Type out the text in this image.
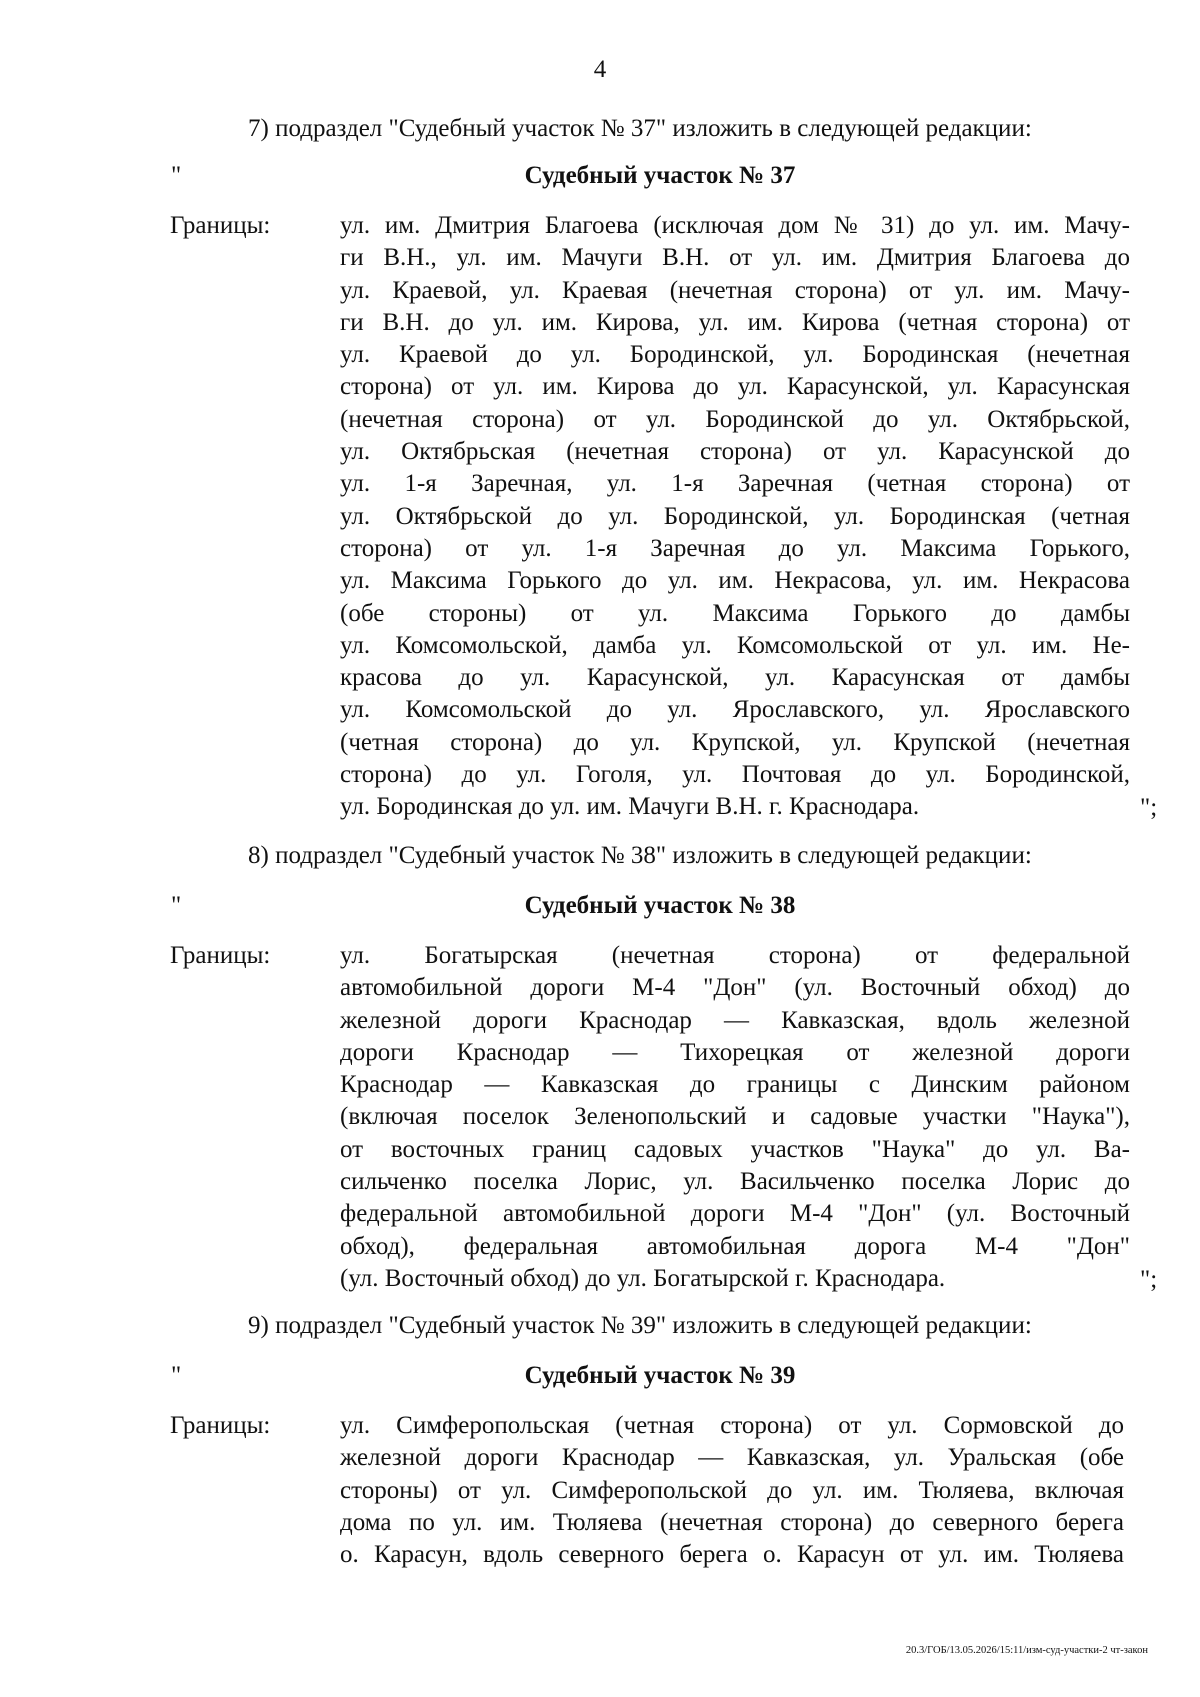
4
7) подраздел "Судебный участок № 37" изложить в следующей редакции:
"	Судебный участок № 37
Границы:	ул. им. Дмитрия Благоева (исключая дом № 31) до ул. им. Мачу-
ги В.Н., ул. им. Мачуги В.Н. от ул. им. Дмитрия Благоева до
ул. Краевой, ул. Краевая (нечетная сторона) от ул. им. Мачу-
ги В.Н. до ул. им. Кирова, ул. им. Кирова (четная сторона) от
ул. Краевой до ул. Бородинской, ул. Бородинская (нечетная
сторона) от ул. им. Кирова до ул. Карасунской, ул. Карасунская
(нечетная сторона) от ул. Бородинской до ул. Октябрьской,
ул. Октябрьская (нечетная сторона) от ул. Карасунской до
ул. 1-я Заречная, ул. 1-я Заречная (четная сторона) от
ул. Октябрьской до ул. Бородинской, ул. Бородинская (четная
сторона) от ул. 1-я Заречная до ул. Максима Горького,
ул. Максима Горького до ул. им. Некрасова, ул. им. Некрасова
(обе стороны) от ул. Максима Горького до дамбы
ул. Комсомольской, дамба ул. Комсомольской от ул. им. Не-
красова до ул. Карасунской, ул. Карасунская от дамбы
ул. Комсомольской до ул. Ярославского, ул. Ярославского
(четная сторона) до ул. Крупской, ул. Крупской (нечетная
сторона) до ул. Гоголя, ул. Почтовая до ул. Бородинской,
ул. Бородинская до ул. им. Мачуги В.Н. г. Краснодара.	";
8) подраздел "Судебный участок № 38" изложить в следующей редакции:
"	Судебный участок № 38
Границы:	ул. Богатырская (нечетная сторона) от федеральной
автомобильной дороги М-4 "Дон" (ул. Восточный обход) до
железной дороги Краснодар — Кавказская, вдоль железной
дороги Краснодар — Тихорецкая от железной дороги
Краснодар — Кавказская до границы с Динским районом
(включая поселок Зеленопольский и садовые участки "Наука"),
от восточных границ садовых участков "Наука" до ул. Ва-
сильченко поселка Лорис, ул. Васильченко поселка Лорис до
федеральной автомобильной дороги М-4 "Дон" (ул. Восточный
обход), федеральная автомобильная дорога М-4 "Дон"
(ул. Восточный обход) до ул. Богатырской г. Краснодара.	";
9) подраздел "Судебный участок № 39" изложить в следующей редакции:
"	Судебный участок № 39
Границы:	ул. Симферопольская (четная сторона) от ул. Сормовской до
железной дороги Краснодар — Кавказская, ул. Уральская (обе
стороны) от ул. Симферопольской до ул. им. Тюляева, включая
дома по ул. им. Тюляева (нечетная сторона) до северного берега
о. Карасун, вдоль северного берега о. Карасун от ул. им. Тюляева
20.3/ГОБ/13.05.2026/15:11/изм-суд-участки-2 чт-закон
